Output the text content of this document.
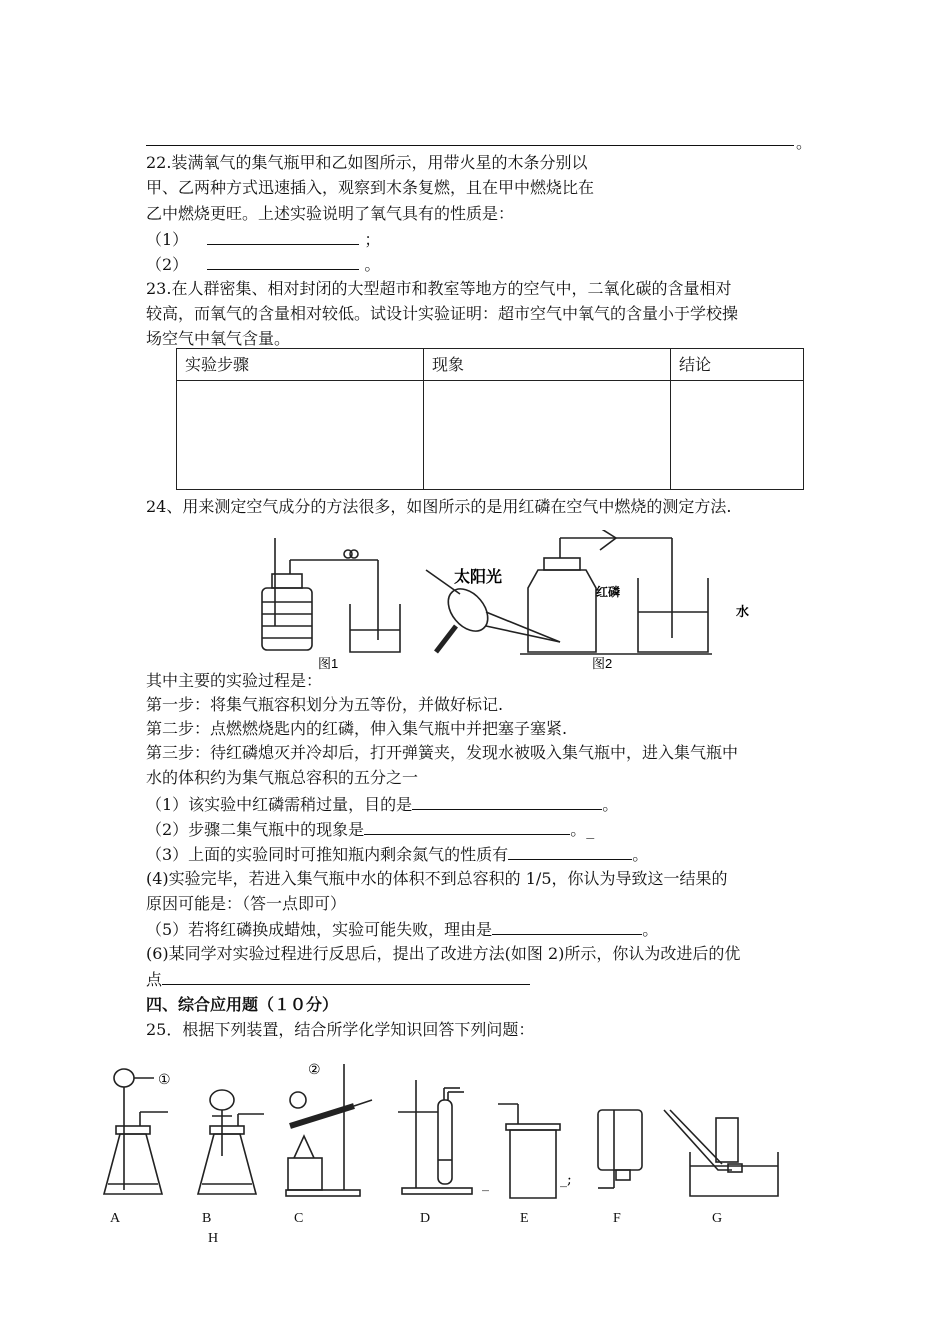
。
22.装满氧气的集气瓶甲和乙如图所示，用带火星的木条分别以
甲、乙两种方式迅速插入，观察到木条复燃，且在甲中燃烧比在
乙中燃烧更旺。上述实验说明了氧气具有的性质是：
（1）	；
（2）	。
23.在人群密集、相对封闭的大型超市和教室等地方的空气中，二氧化碳的含量相对
较高，而氧气的含量相对较低。试设计实验证明：超市空气中氧气的含量小于学校操
场空气中氧气含量。
实验步骤	现象	结论

24、用来测定空气成分的方法很多，如图所示的是用红磷在空气中燃烧的测定方法.
太阳光
红磷
水
图1	图2
其中主要的实验过程是：
第一步：将集气瓶容积划分为五等份，并做好标记.
第二步：点燃燃烧匙内的红磷，伸入集气瓶中并把塞子塞紧.
第三步：待红磷熄灭并冷却后，打开弹簧夹，发现水被吸入集气瓶中，进入集气瓶中
水的体积约为集气瓶总容积的五分之一
（1）该实验中红磷需稍过量，目的是	。
（2）步骤二集气瓶中的现象是	。_
（3）上面的实验同时可推知瓶内剩余氮气的性质有	。
(4)实验完毕，若进入集气瓶中水的体积不到总容积的 1/5，你认为导致这一结果的
原因可能是：（答一点即可）
（5）若将红磷换成蜡烛，实验可能失败，理由是	。
(6)某同学对实验过程进行反思后，提出了改进方法(如图 2)所示，你认为改进后的优
点
四、综合应用题（１０分）
25．根据下列装置，结合所学化学知识回答下列问题：
①
②
_	_;
A	B	C	D	E	F	G
H
